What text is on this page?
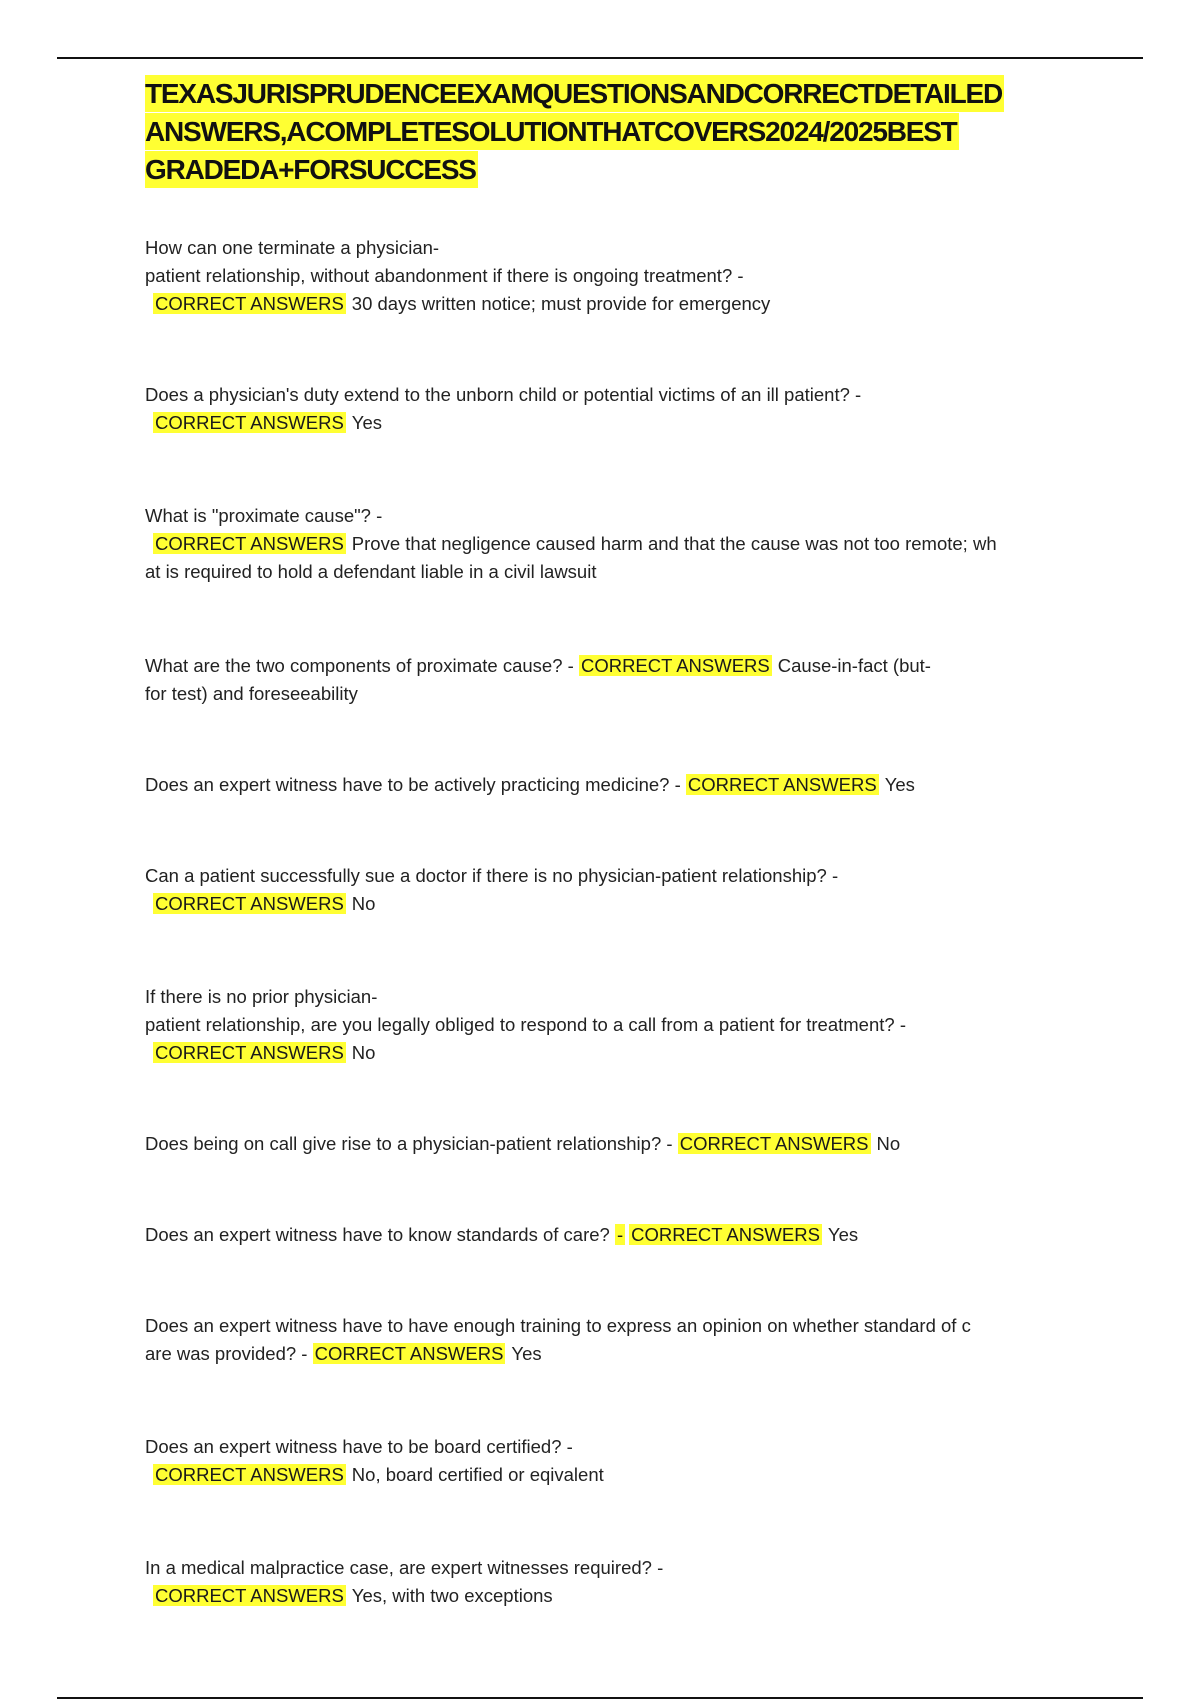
TEXASJURISPRUDENCEEXAMQUESTIONSANDCORRECTDETAILED
ANSWERS,ACOMPLETESOLUTIONTHATCOVERS2024/2025BEST
GRADEDA+FORSUCCESS
How can one terminate a physician-
patient relationship, without abandonment if there is ongoing treatment? -
CORRECT ANSWERS 30 days written notice; must provide for emergency
Does a physician's duty extend to the unborn child or potential victims of an ill patient? -
CORRECT ANSWERS Yes
What is "proximate cause"? -
CORRECT ANSWERS Prove that negligence caused harm and that the cause was not too remote; wh
at is required to hold a defendant liable in a civil lawsuit
What are the two components of proximate cause? - CORRECT ANSWERS Cause-in-fact (but-
for test) and foreseeability
Does an expert witness have to be actively practicing medicine? - CORRECT ANSWERS Yes
Can a patient successfully sue a doctor if there is no physician-patient relationship? -
CORRECT ANSWERS No
If there is no prior physician-
patient relationship, are you legally obliged to respond to a call from a patient for treatment? -
CORRECT ANSWERS No
Does being on call give rise to a physician-patient relationship? - CORRECT ANSWERS No
Does an expert witness have to know standards of care? - CORRECT ANSWERS Yes
Does an expert witness have to have enough training to express an opinion on whether standard of c
are was provided? - CORRECT ANSWERS Yes
Does an expert witness have to be board certified? -
CORRECT ANSWERS No, board certified or eqivalent
In a medical malpractice case, are expert witnesses required? -
CORRECT ANSWERS Yes, with two exceptions
